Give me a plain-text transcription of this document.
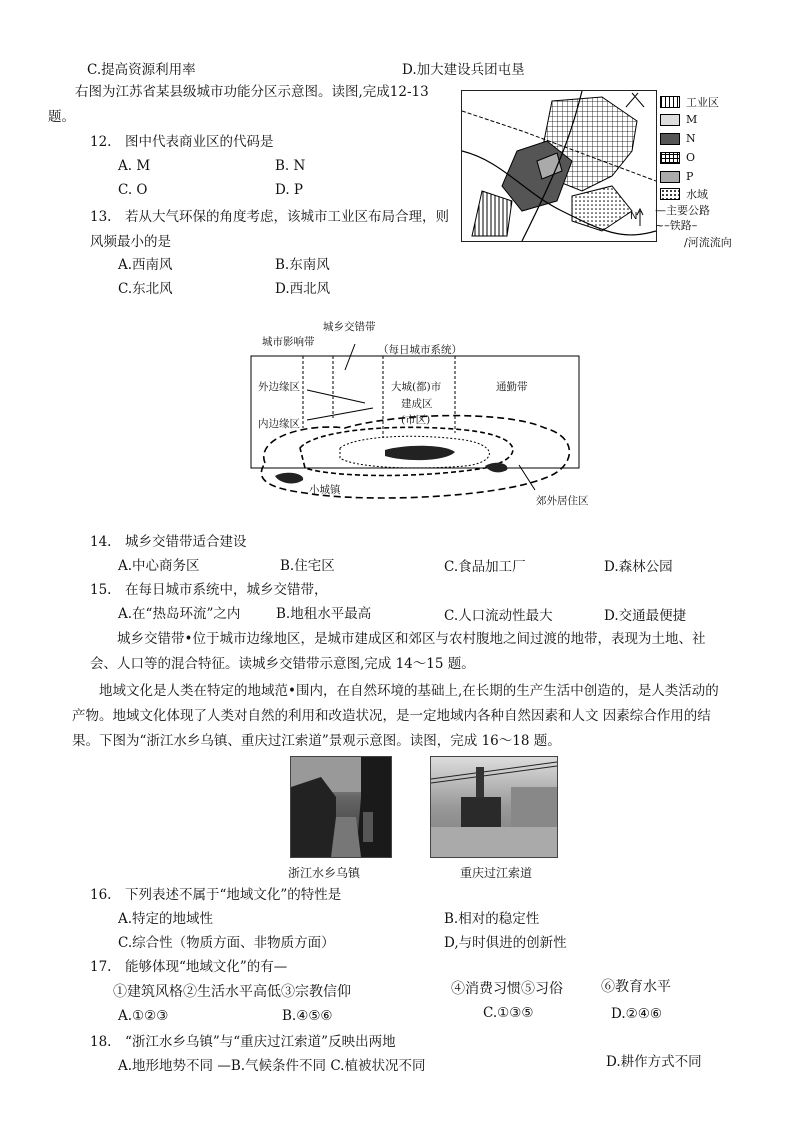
C.提高资源利用率	D.加大建设兵团屯垦
右图为江苏省某县级城市功能分区示意图。读图,完成12-13 题。
12.　图中代表商业区的代码是
A. M	B. N
C. O	D. P
13.　若从大气环保的角度考虑，该城市工业区布局合理，则风频最小的是
A.西南风	B.东南风
C.东北风	D.西北风
N
工业区
M
N
O
P
水域
—主要公路
~–铁路–
/河流流向
城乡交错带
城市影响带
（每日城市系统）
外边缘区
内边缘区
大城(都)市
建成区
(市区)
通勤带
小城镇
郊外居住区
14.　城乡交错带适合建设
A.中心商务区	B.住宅区	C.食品加工厂	D.森林公园
15.　在每日城市系统中，城乡交错带，
A.在“热岛环流”之内	B.地租水平最高	C.人口流动性最大	D.交通最便捷
城乡交错带•位于城市边缘地区，是城市建成区和郊区与农村腹地之间过渡的地带，表现为土地、社会、人口等的混合特征。读城乡交错带示意图,完成 14～15 题。
地域文化是人类在特定的地域范•围内，在自然环境的基础上,在长期的生产生活中创造的，是人类活动的产物。地域文化体现了人类对自然的利用和改造状况，是一定地域内各种自然因素和人文 因素综合作用的结果。下图为“浙江水乡乌镇、重庆过江索道”景观示意图。读图，完成 16～18 题。
浙江水乡乌镇	重庆过江索道
16.　下列表述不属于“地域文化”的特性是
A.特定的地域性	B.相对的稳定性
C.综合性（物质方面、非物质方面）	D,与时俱进的创新性
17.　能够体现“地域文化”的有—
①建筑风格②生活水平高低③宗教信仰	④消费习惯⑤习俗	⑥教育水平
A.①②③	B.④⑤⑥	C.①③⑤	D.②④⑥
18.　“浙江水乡乌镇”与“重庆过江索道”反映出两地
A.地形地势不同 —B.气候条件不同 C.植被状况不同	D.耕作方式不同
